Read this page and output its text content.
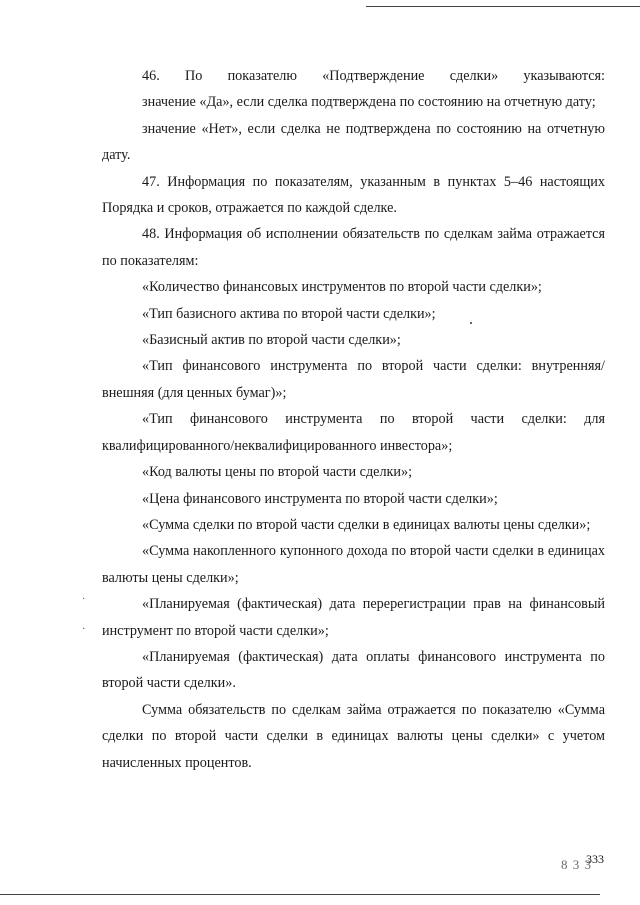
46. По показателю «Подтверждение сделки» указываются:

значение «Да», если сделка подтверждена по состоянию на отчетную дату;

значение «Нет», если сделка не подтверждена по состоянию на отчетную дату.

47. Информация по показателям, указанным в пунктах 5–46 настоящих Порядка и сроков, отражается по каждой сделке.

48. Информация об исполнении обязательств по сделкам займа отражается по показателям:

«Количество финансовых инструментов по второй части сделки»;

«Тип базисного актива по второй части сделки»;

«Базисный актив по второй части сделки»;

«Тип финансового инструмента по второй части сделки: внутренняя/ внешняя (для ценных бумаг)»;

«Тип финансового инструмента по второй части сделки: для квалифицированного/неквалифицированного инвестора»;

«Код валюты цены по второй части сделки»;

«Цена финансового инструмента по второй части сделки»;

«Сумма сделки по второй части сделки в единицах валюты цены сделки»;

«Сумма накопленного купонного дохода по второй части сделки в единицах валюты цены сделки»;

«Планируемая (фактическая) дата перерегистрации прав на финансовый инструмент по второй части сделки»;

«Планируемая (фактическая) дата оплаты финансового инструмента по второй части сделки».

Сумма обязательств по сделкам займа отражается по показателю «Сумма сделки по второй части сделки в единицах валюты цены сделки» с учетом начисленных процентов.

·
·
8 3 3
333
